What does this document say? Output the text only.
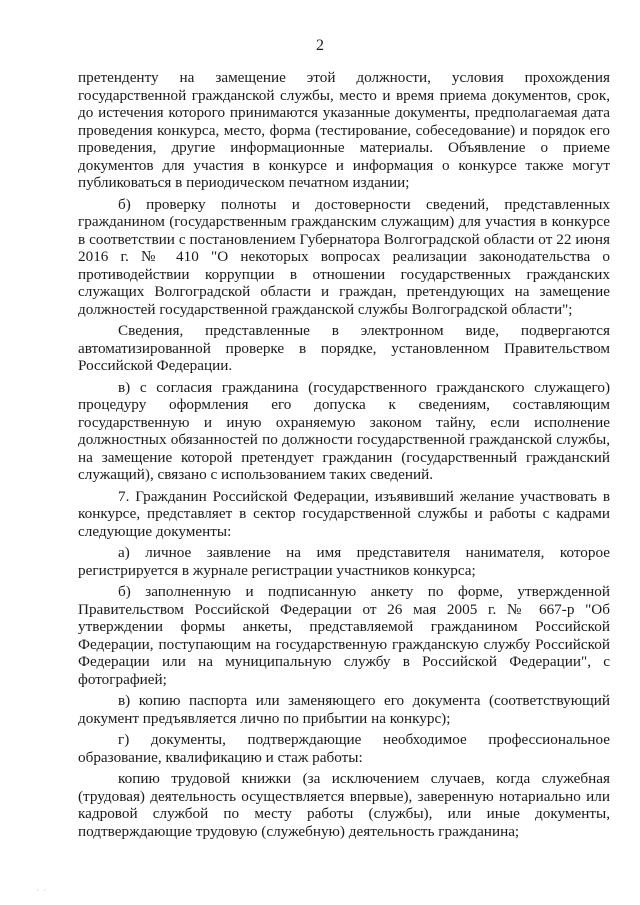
2

претенденту на замещение этой должности, условия прохождения государственной гражданской службы, место и время приема документов, срок, до истечения которого принимаются указанные документы, предполагаемая дата проведения конкурса, место, форма (тестирование, собеседование) и порядок его проведения, другие информационные материалы. Объявление о приеме документов для участия в конкурсе и информация о конкурсе также могут публиковаться в периодическом печатном издании;

б) проверку полноты и достоверности сведений, представленных гражданином (государственным гражданским служащим) для участия в конкурсе в соответствии с постановлением Губернатора Волгоградской области от 22 июня 2016 г. № 410 "О некоторых вопросах реализации законодательства о противодействии коррупции в отношении государственных гражданских служащих Волгоградской области и граждан, претендующих на замещение должностей государственной гражданской службы Волгоградской области";

Сведения, представленные в электронном виде, подвергаются автоматизированной проверке в порядке, установленном Правительством Российской Федерации.

в) с согласия гражданина (государственного гражданского служащего) процедуру оформления его допуска к сведениям, составляющим государственную и иную охраняемую законом тайну, если исполнение должностных обязанностей по должности государственной гражданской службы, на замещение которой претендует гражданин (государственный гражданский служащий), связано с использованием таких сведений.

7. Гражданин Российской Федерации, изъявивший желание участвовать в конкурсе, представляет в сектор государственной службы и работы с кадрами следующие документы:

а) личное заявление на имя представителя нанимателя, которое регистрируется в журнале регистрации участников конкурса;

б) заполненную и подписанную анкету по форме, утвержденной Правительством Российской Федерации от 26 мая 2005 г. № 667-р "Об утверждении формы анкеты, представляемой гражданином Российской Федерации, поступающим на государственную гражданскую службу Российской Федерации или на муниципальную службу в Российской Федерации", с фотографией;

в) копию паспорта или заменяющего его документа (соответствующий документ предъявляется лично по прибытии на конкурс);

г) документы, подтверждающие необходимое профессиональное образование, квалификацию и стаж работы:

копию трудовой книжки (за исключением случаев, когда служебная (трудовая) деятельность осуществляется впервые), заверенную нотариально или кадровой службой по месту работы (службы), или иные документы, подтверждающие трудовую (служебную) деятельность гражданина;

· ·
